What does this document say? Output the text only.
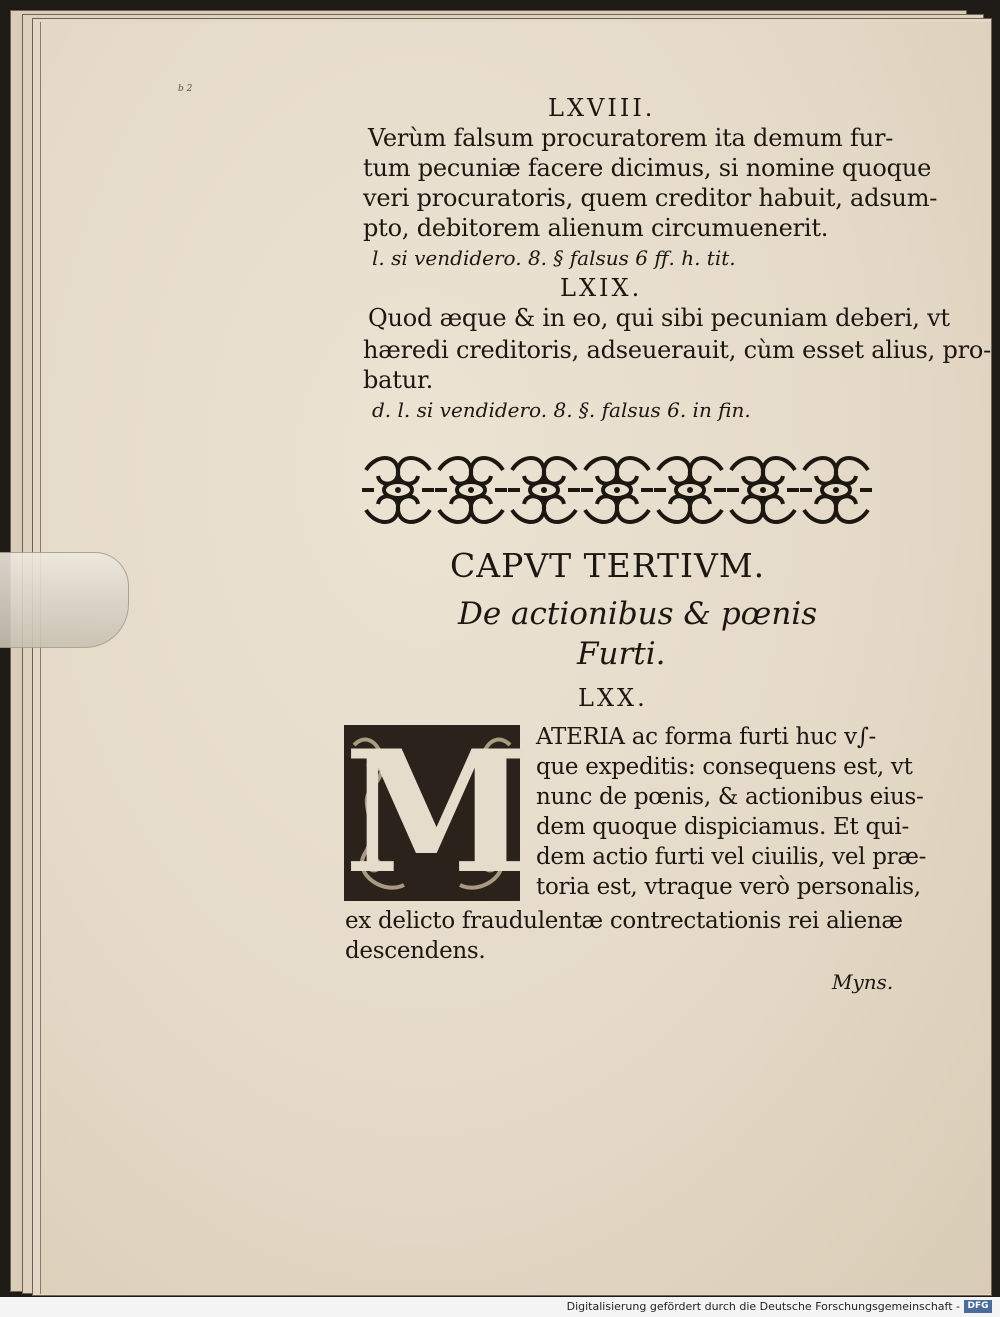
b 2
LXVIII.
Verùm falsum procuratorem ita demum fur-
tum pecuniæ facere dicimus, si nomine quoque
veri procuratoris, quem creditor habuit, adsum-
pto, debitorem alienum circumuenerit.
l. si vendidero. 8. § falsus 6 ff. h. tit.
LXIX.
Quod æque & in eo, qui sibi pecuniam deberi, vt
hæredi creditoris, adseuerauit, cùm esset alius, pro-
batur.
d. l. si vendidero. 8. §. falsus 6. in fin.
CAPVT TERTIVM.
De actionibus & pœnis
Furti.
LXX.
M ATERIA ac forma furti huc v∫-
que expeditis: consequens est, vt
nunc de pœnis, & actionibus eius-
dem quoque dispiciamus. Et qui-
dem actio furti vel ciuilis, vel præ-
toria est, vtraque verò personalis,
ex delicto fraudulentæ contrectationis rei alienæ
descendens.
Myns.
Digitalisierung gefördert durch die Deutsche Forschungsgemeinschaft - DFG
